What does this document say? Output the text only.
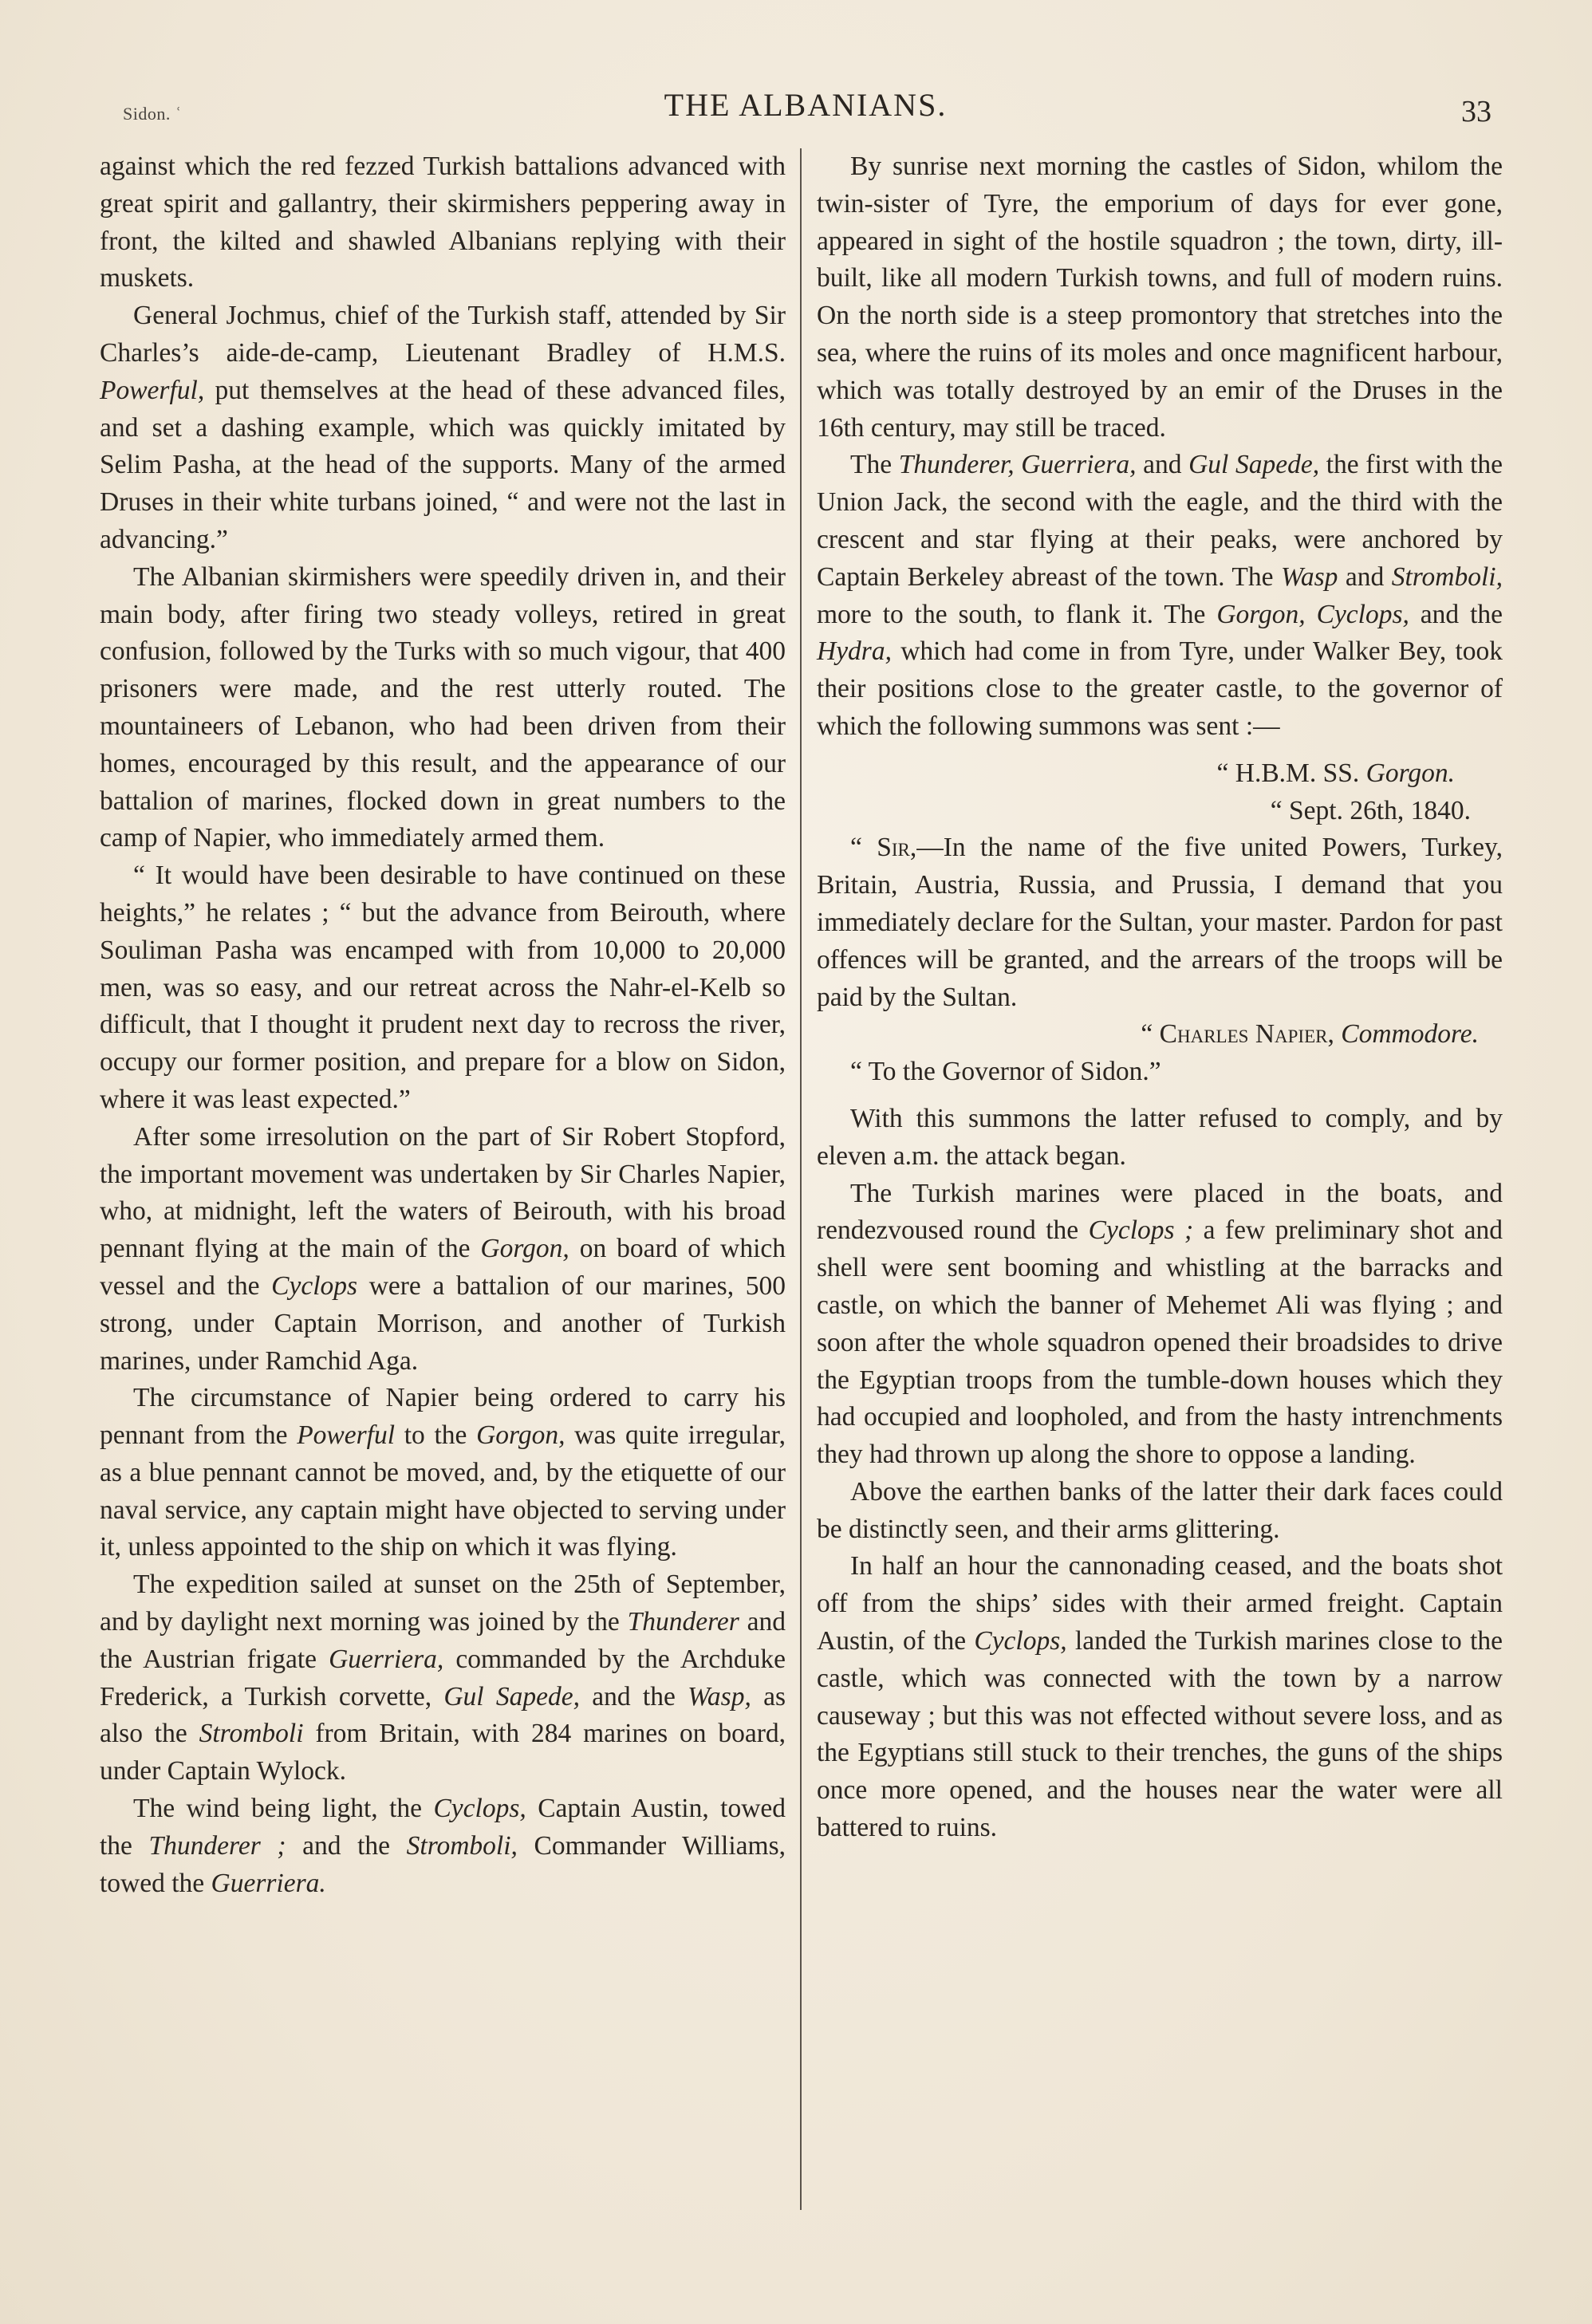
Sidon. ʿ	THE ALBANIANS.	33

against which the red fezzed Turkish battalions advanced with great spirit and gallantry, their skirmishers peppering away in front, the kilted and shawled Albanians replying with their muskets.

General Jochmus, chief of the Turkish staff, attended by Sir Charles’s aide-de-camp, Lieutenant Bradley of H.M.S. Powerful, put themselves at the head of these advanced files, and set a dashing example, which was quickly imitated by Selim Pasha, at the head of the supports. Many of the armed Druses in their white turbans joined, “ and were not the last in advancing.”

The Albanian skirmishers were speedily driven in, and their main body, after firing two steady volleys, retired in great confusion, followed by the Turks with so much vigour, that 400 prisoners were made, and the rest utterly routed. The mountaineers of Lebanon, who had been driven from their homes, encouraged by this result, and the appearance of our battalion of marines, flocked down in great numbers to the camp of Napier, who immediately armed them.

“ It would have been desirable to have continued on these heights,” he relates ; “ but the advance from Beirouth, where Souliman Pasha was encamped with from 10,000 to 20,000 men, was so easy, and our retreat across the Nahr-el-Kelb so difficult, that I thought it prudent next day to recross the river, occupy our former position, and prepare for a blow on Sidon, where it was least expected.”

After some irresolution on the part of Sir Robert Stopford, the important movement was undertaken by Sir Charles Napier, who, at midnight, left the waters of Beirouth, with his broad pennant flying at the main of the Gorgon, on board of which vessel and the Cyclops were a battalion of our marines, 500 strong, under Captain Morrison, and another of Turkish marines, under Ramchid Aga.

The circumstance of Napier being ordered to carry his pennant from the Powerful to the Gorgon, was quite irregular, as a blue pennant cannot be moved, and, by the etiquette of our naval service, any captain might have objected to serving under it, unless appointed to the ship on which it was flying.

The expedition sailed at sunset on the 25th of September, and by daylight next morning was joined by the Thunderer and the Austrian frigate Guerriera, commanded by the Archduke Frederick, a Turkish corvette, Gul Sapede, and the Wasp, as also the Stromboli from Britain, with 284 marines on board, under Captain Wylock.

The wind being light, the Cyclops, Captain Austin, towed the Thunderer ; and the Stromboli, Commander Williams, towed the Guerriera.

By sunrise next morning the castles of Sidon, whilom the twin-sister of Tyre, the emporium of days for ever gone, appeared in sight of the hostile squadron ; the town, dirty, ill-built, like all modern Turkish towns, and full of modern ruins. On the north side is a steep promontory that stretches into the sea, where the ruins of its moles and once magnificent harbour, which was totally destroyed by an emir of the Druses in the 16th century, may still be traced.

The Thunderer, Guerriera, and Gul Sapede, the first with the Union Jack, the second with the eagle, and the third with the crescent and star flying at their peaks, were anchored by Captain Berkeley abreast of the town. The Wasp and Stromboli, more to the south, to flank it. The Gorgon, Cyclops, and the Hydra, which had come in from Tyre, under Walker Bey, took their positions close to the greater castle, to the governor of which the following summons was sent :—

“ H.B.M. SS. Gorgon.

“ Sept. 26th, 1840.

“ Sir,—In the name of the five united Powers, Turkey, Britain, Austria, Russia, and Prussia, I demand that you immediately declare for the Sultan, your master. Pardon for past offences will be granted, and the arrears of the troops will be paid by the Sultan.

“ Charles Napier, Commodore.

“ To the Governor of Sidon.”

With this summons the latter refused to comply, and by eleven a.m. the attack began.

The Turkish marines were placed in the boats, and rendezvoused round the Cyclops ; a few preliminary shot and shell were sent booming and whistling at the barracks and castle, on which the banner of Mehemet Ali was flying ; and soon after the whole squadron opened their broadsides to drive the Egyptian troops from the tumble-down houses which they had occupied and loopholed, and from the hasty intrenchments they had thrown up along the shore to oppose a landing.

Above the earthen banks of the latter their dark faces could be distinctly seen, and their arms glittering.

In half an hour the cannonading ceased, and the boats shot off from the ships’ sides with their armed freight. Captain Austin, of the Cyclops, landed the Turkish marines close to the castle, which was connected with the town by a narrow causeway ; but this was not effected without severe loss, and as the Egyptians still stuck to their trenches, the guns of the ships once more opened, and the houses near the water were all battered to ruins.
